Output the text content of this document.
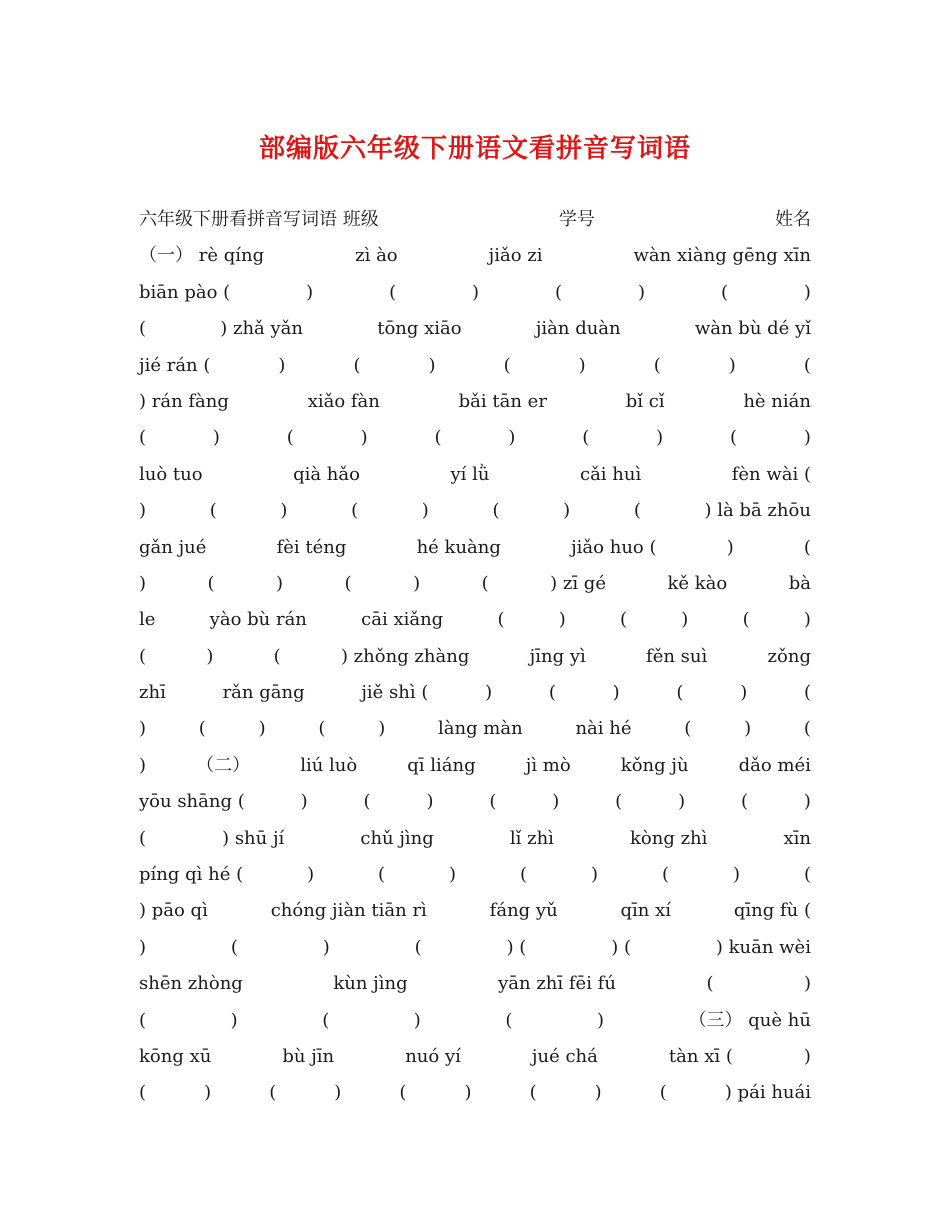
部编版六年级下册语文看拼音写词语
六年级下册看拼音写词语 班级	学号	姓名
（一） rè qíng	zì ào	jiǎo zi	wàn xiàng gēng xīn
biān pào (	)	(	)	(	)	(	)
(	) zhǎ yǎn	tōng xiāo	jiàn duàn	wàn bù dé yǐ
jié rán (	)	(	)	(	)	(	)	(
) rán fàng	xiǎo fàn	bǎi tān er	bǐ cǐ	hè nián
(	)	(	)	(	)	(	)	(	)
luò tuo	qià hǎo	yí lǜ	cǎi huì	fèn wài (
)	(	)	(	)	(	)	(	) là bā zhōu
gǎn jué	fèi téng	hé kuàng	jiǎo huo (	)	(
)	(	)	(	)	(	) zī gé	kě kào	bà
le	yào bù rán	cāi xiǎng	(	)	(	)	(	)
(	)	(	) zhǒng zhàng	jīng yì	fěn suì	zǒng
zhī	rǎn gāng	jiě shì (	)	(	)	(	)	(
)	(	)	(	)	làng màn	nài hé	(	)	(
)	（二）	liú luò	qī liáng	jì mò	kǒng jù	dǎo méi
yōu shāng (	)	(	)	(	)	(	)	(	)
(	) shū jí	chǔ jìng	lǐ zhì	kòng zhì	xīn
píng qì hé (	)	(	)	(	)	(	)	(
) pāo qì	chóng jiàn tiān rì	fáng yǔ	qīn xí	qīng fù (
)	(	)	(	) (	) (	) kuān wèi
shēn zhòng	kùn jìng	yān zhī fēi fú	(	)
(	)	(	)	(	)	（三） què hū
kōng xū	bù jīn	nuó yí	jué chá	tàn xī (	)
(	)	(	)	(	)	(	)	(	) pái huái
